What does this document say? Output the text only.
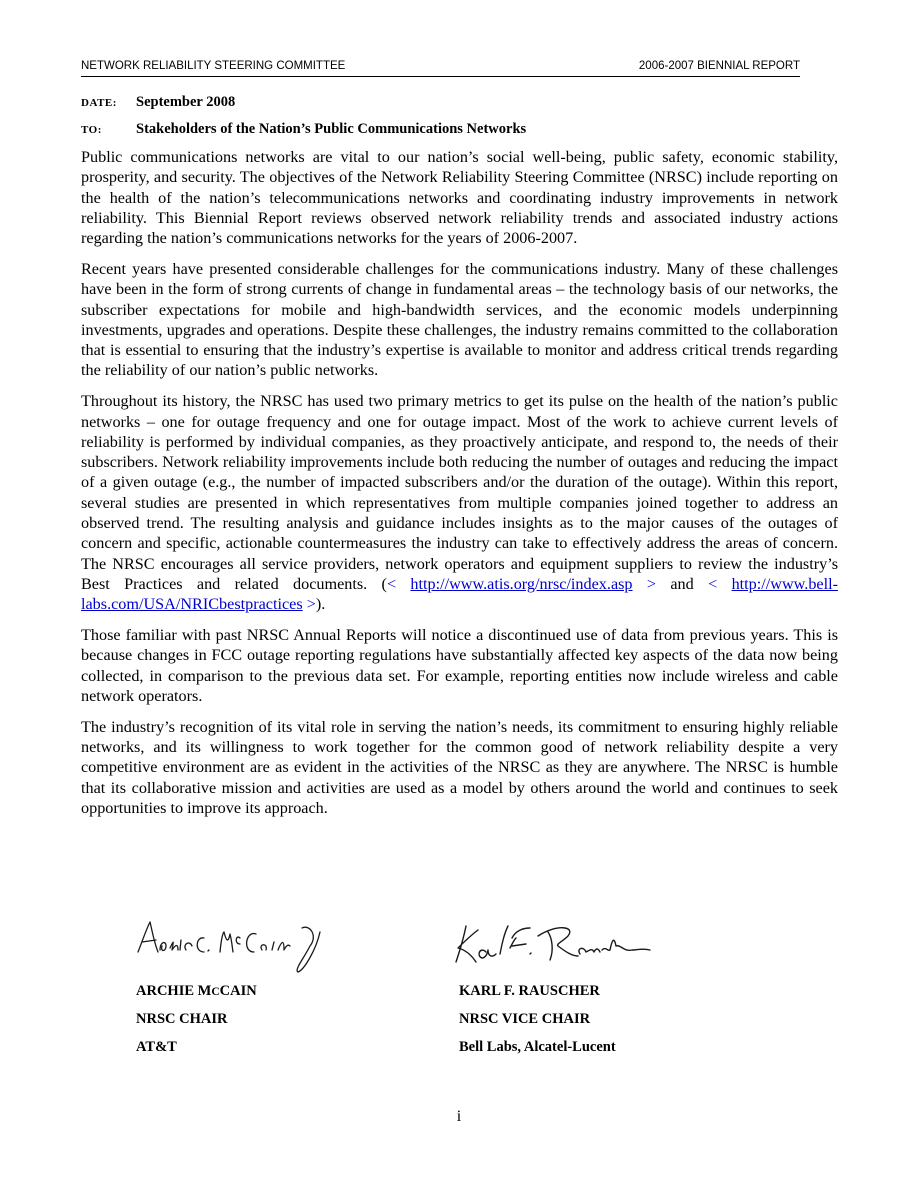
NETWORK RELIABILITY STEERING COMMITTEE	2006-2007 BIENNIAL REPORT
DATE: September 2008
TO: Stakeholders of the Nation’s Public Communications Networks

Public communications networks are vital to our nation’s social well-being, public safety, economic stability, prosperity, and security. The objectives of the Network Reliability Steering Committee (NRSC) include reporting on the health of the nation’s telecommunications networks and coordinating industry improvements in network reliability. This Biennial Report reviews observed network reliability trends and associated industry actions regarding the nation’s communications networks for the years of 2006-2007.

Recent years have presented considerable challenges for the communications industry. Many of these challenges have been in the form of strong currents of change in fundamental areas – the technology basis of our networks, the subscriber expectations for mobile and high-bandwidth services, and the economic models underpinning investments, upgrades and operations. Despite these challenges, the industry remains committed to the collaboration that is essential to ensuring that the industry’s expertise is available to monitor and address critical trends regarding the reliability of our nation’s public networks.

Throughout its history, the NRSC has used two primary metrics to get its pulse on the health of the nation’s public networks – one for outage frequency and one for outage impact. Most of the work to achieve current levels of reliability is performed by individual companies, as they proactively anticipate, and respond to, the needs of their subscribers. Network reliability improvements include both reducing the number of outages and reducing the impact of a given outage (e.g., the number of impacted subscribers and/or the duration of the outage). Within this report, several studies are presented in which representatives from multiple companies joined together to address an observed trend. The resulting analysis and guidance includes insights as to the major causes of the outages of concern and specific, actionable countermeasures the industry can take to effectively address the areas of concern. The NRSC encourages all service providers, network operators and equipment suppliers to review the industry’s Best Practices and related documents. (< http://www.atis.org/nrsc/index.asp > and < http://www.bell-labs.com/USA/NRICbestpractices >).

Those familiar with past NRSC Annual Reports will notice a discontinued use of data from previous years. This is because changes in FCC outage reporting regulations have substantially affected key aspects of the data now being collected, in comparison to the previous data set. For example, reporting entities now include wireless and cable network operators.

The industry’s recognition of its vital role in serving the nation’s needs, its commitment to ensuring highly reliable networks, and its willingness to work together for the common good of network reliability despite a very competitive environment are as evident in the activities of the NRSC as they are anywhere. The NRSC is humble that its collaborative mission and activities are used as a model by others around the world and continues to seek opportunities to improve its approach.

ARCHIE MCCAIN
NRSC CHAIR
AT&T
KARL F. RAUSCHER
NRSC VICE CHAIR
Bell Labs, Alcatel-Lucent
i
